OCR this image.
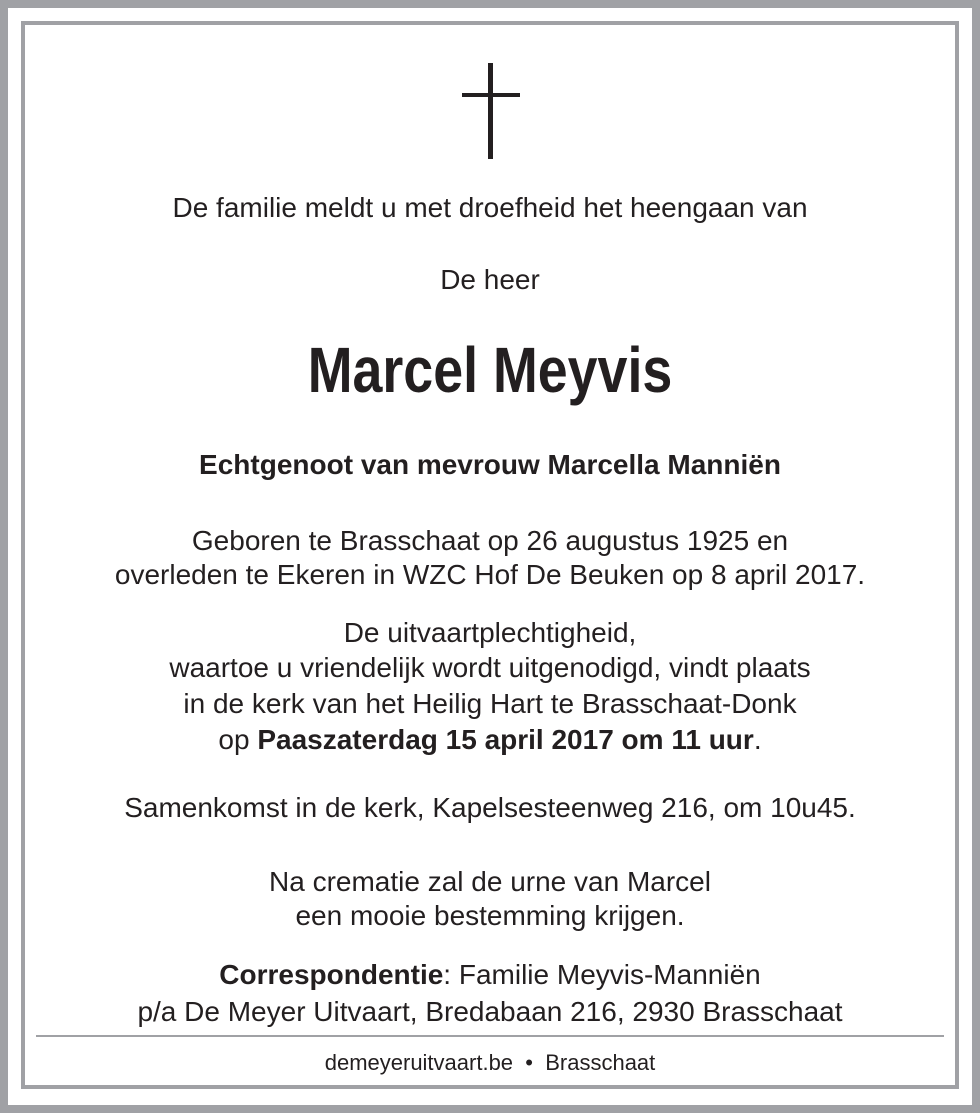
De familie meldt u met droefheid het heengaan van
De heer
Marcel Meyvis
Echtgenoot van mevrouw Marcella Manniën
Geboren te Brasschaat op 26 augustus 1925 en
overleden te Ekeren in WZC Hof De Beuken op 8 april 2017.
De uitvaartplechtigheid,
waartoe u vriendelijk wordt uitgenodigd, vindt plaats
in de kerk van het Heilig Hart te Brasschaat-Donk
op Paaszaterdag 15 april 2017 om 11 uur.
Samenkomst in de kerk, Kapelsesteenweg 216, om 10u45.
Na crematie zal de urne van Marcel
een mooie bestemming krijgen.
Correspondentie: Familie Meyvis-Manniën
p/a De Meyer Uitvaart, Bredabaan 216, 2930 Brasschaat
demeyeruitvaart.be • Brasschaat
